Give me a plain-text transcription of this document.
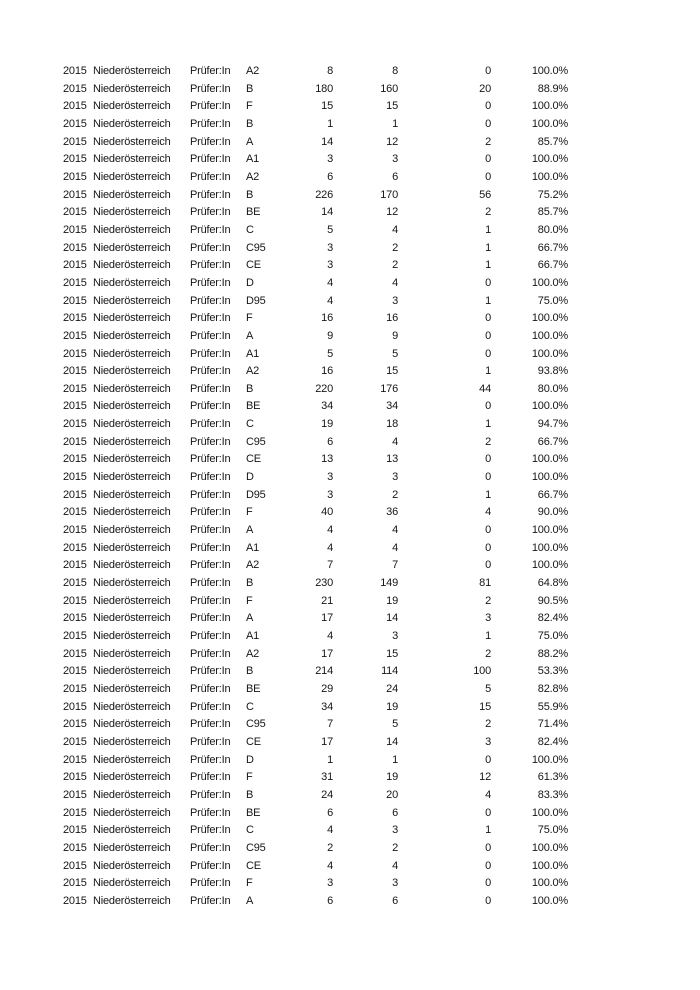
2015 Niederösterreich	Prüfer:In	A2	8	8	0	100.0%
2015 Niederösterreich	Prüfer:In	B	180	160	20	88.9%
2015 Niederösterreich	Prüfer:In	F	15	15	0	100.0%
2015 Niederösterreich	Prüfer:In	B	1	1	0	100.0%
2015 Niederösterreich	Prüfer:In	A	14	12	2	85.7%
2015 Niederösterreich	Prüfer:In	A1	3	3	0	100.0%
2015 Niederösterreich	Prüfer:In	A2	6	6	0	100.0%
2015 Niederösterreich	Prüfer:In	B	226	170	56	75.2%
2015 Niederösterreich	Prüfer:In	BE	14	12	2	85.7%
2015 Niederösterreich	Prüfer:In	C	5	4	1	80.0%
2015 Niederösterreich	Prüfer:In	C95	3	2	1	66.7%
2015 Niederösterreich	Prüfer:In	CE	3	2	1	66.7%
2015 Niederösterreich	Prüfer:In	D	4	4	0	100.0%
2015 Niederösterreich	Prüfer:In	D95	4	3	1	75.0%
2015 Niederösterreich	Prüfer:In	F	16	16	0	100.0%
2015 Niederösterreich	Prüfer:In	A	9	9	0	100.0%
2015 Niederösterreich	Prüfer:In	A1	5	5	0	100.0%
2015 Niederösterreich	Prüfer:In	A2	16	15	1	93.8%
2015 Niederösterreich	Prüfer:In	B	220	176	44	80.0%
2015 Niederösterreich	Prüfer:In	BE	34	34	0	100.0%
2015 Niederösterreich	Prüfer:In	C	19	18	1	94.7%
2015 Niederösterreich	Prüfer:In	C95	6	4	2	66.7%
2015 Niederösterreich	Prüfer:In	CE	13	13	0	100.0%
2015 Niederösterreich	Prüfer:In	D	3	3	0	100.0%
2015 Niederösterreich	Prüfer:In	D95	3	2	1	66.7%
2015 Niederösterreich	Prüfer:In	F	40	36	4	90.0%
2015 Niederösterreich	Prüfer:In	A	4	4	0	100.0%
2015 Niederösterreich	Prüfer:In	A1	4	4	0	100.0%
2015 Niederösterreich	Prüfer:In	A2	7	7	0	100.0%
2015 Niederösterreich	Prüfer:In	B	230	149	81	64.8%
2015 Niederösterreich	Prüfer:In	F	21	19	2	90.5%
2015 Niederösterreich	Prüfer:In	A	17	14	3	82.4%
2015 Niederösterreich	Prüfer:In	A1	4	3	1	75.0%
2015 Niederösterreich	Prüfer:In	A2	17	15	2	88.2%
2015 Niederösterreich	Prüfer:In	B	214	114	100	53.3%
2015 Niederösterreich	Prüfer:In	BE	29	24	5	82.8%
2015 Niederösterreich	Prüfer:In	C	34	19	15	55.9%
2015 Niederösterreich	Prüfer:In	C95	7	5	2	71.4%
2015 Niederösterreich	Prüfer:In	CE	17	14	3	82.4%
2015 Niederösterreich	Prüfer:In	D	1	1	0	100.0%
2015 Niederösterreich	Prüfer:In	F	31	19	12	61.3%
2015 Niederösterreich	Prüfer:In	B	24	20	4	83.3%
2015 Niederösterreich	Prüfer:In	BE	6	6	0	100.0%
2015 Niederösterreich	Prüfer:In	C	4	3	1	75.0%
2015 Niederösterreich	Prüfer:In	C95	2	2	0	100.0%
2015 Niederösterreich	Prüfer:In	CE	4	4	0	100.0%
2015 Niederösterreich	Prüfer:In	F	3	3	0	100.0%
2015 Niederösterreich	Prüfer:In	A	6	6	0	100.0%
